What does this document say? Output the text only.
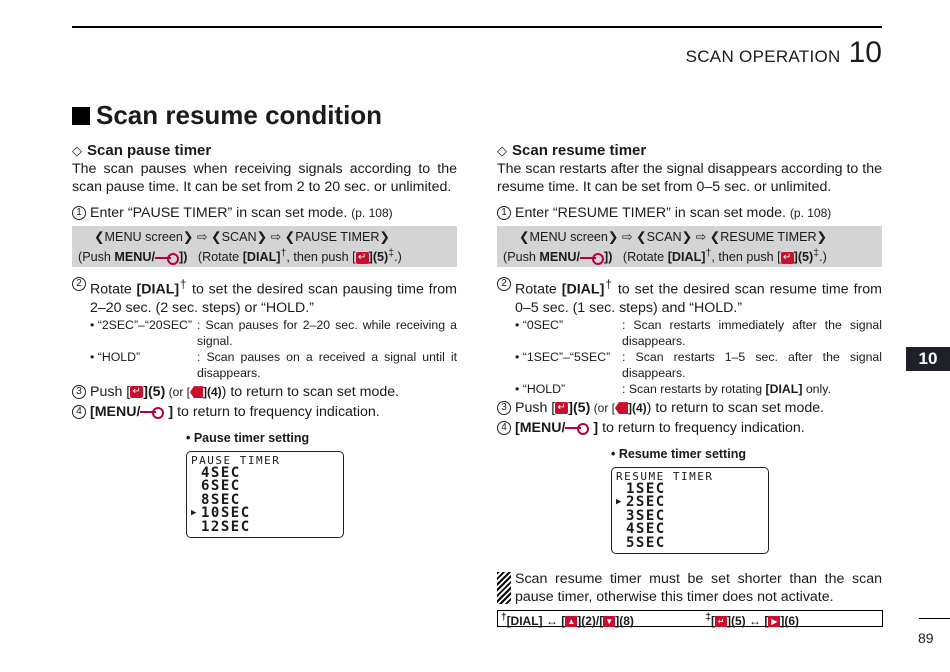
SCAN OPERATION 10
Scan resume condition
◇ Scan pause timer
The scan pauses when receiving signals according to the scan pause time. It can be set from 2 to 20 sec. or unlimited.
1 Enter “PAUSE TIMER” in scan set mode. (p. 108)
❮MENU screen❯ ⇨ ❮SCAN❯ ⇨ ❮PAUSE TIMER❯
(Push MENU/ ]) (Rotate [DIAL]†, then push [ ↵ ](5)‡.)
2 Rotate [DIAL]† to set the desired scan pausing time from 2–20 sec. (2 sec. steps) or “HOLD.”
• “2SEC”–“20SEC” : Scan pauses for 2–20 sec. while receiving a signal.
• “HOLD”	: Scan pauses on a received a signal until it disappears.
3 Push [ ↵ ](5) (or [ ](4)) to return to scan set mode.
4 [MENU/ ] to return to frequency indication.
• Pause timer setting
PAUSE TIMER
4SEC
6SEC
8SEC
▶ 10SEC
12SEC
◇ Scan resume timer
The scan restarts after the signal disappears according to the resume time. It can be set from 0–5 sec. or unlimited.
1 Enter “RESUME TIMER” in scan set mode. (p. 108)
❮MENU screen❯ ⇨ ❮SCAN❯ ⇨ ❮RESUME TIMER❯
(Push MENU/ ]) (Rotate [DIAL]†, then push [ ↵ ](5)‡.)
2 Rotate [DIAL]† to set the desired scan resume time from 0–5 sec. (1 sec. steps) and “HOLD.”
• “0SEC”	: Scan restarts immediately after the signal disappears.
• “1SEC”–“5SEC” : Scan restarts 1–5 sec. after the signal disappears.
• “HOLD”	: Scan restarts by rotating [DIAL] only.
3 Push [ ↵ ](5) (or [ ](4)) to return to scan set mode.
4 [MENU/ ] to return to frequency indication.
• Resume timer setting
RESUME TIMER
1SEC
▶ 2SEC
3SEC
4SEC
5SEC
Scan resume timer must be set shorter than the scan pause timer, otherwise this timer does not activate.
†[DIAL] ↔ [ ▲ ](2)/[ ▼ ](8)	‡[ ↵ ](5) ↔ [ ▶ ](6)
10
89
